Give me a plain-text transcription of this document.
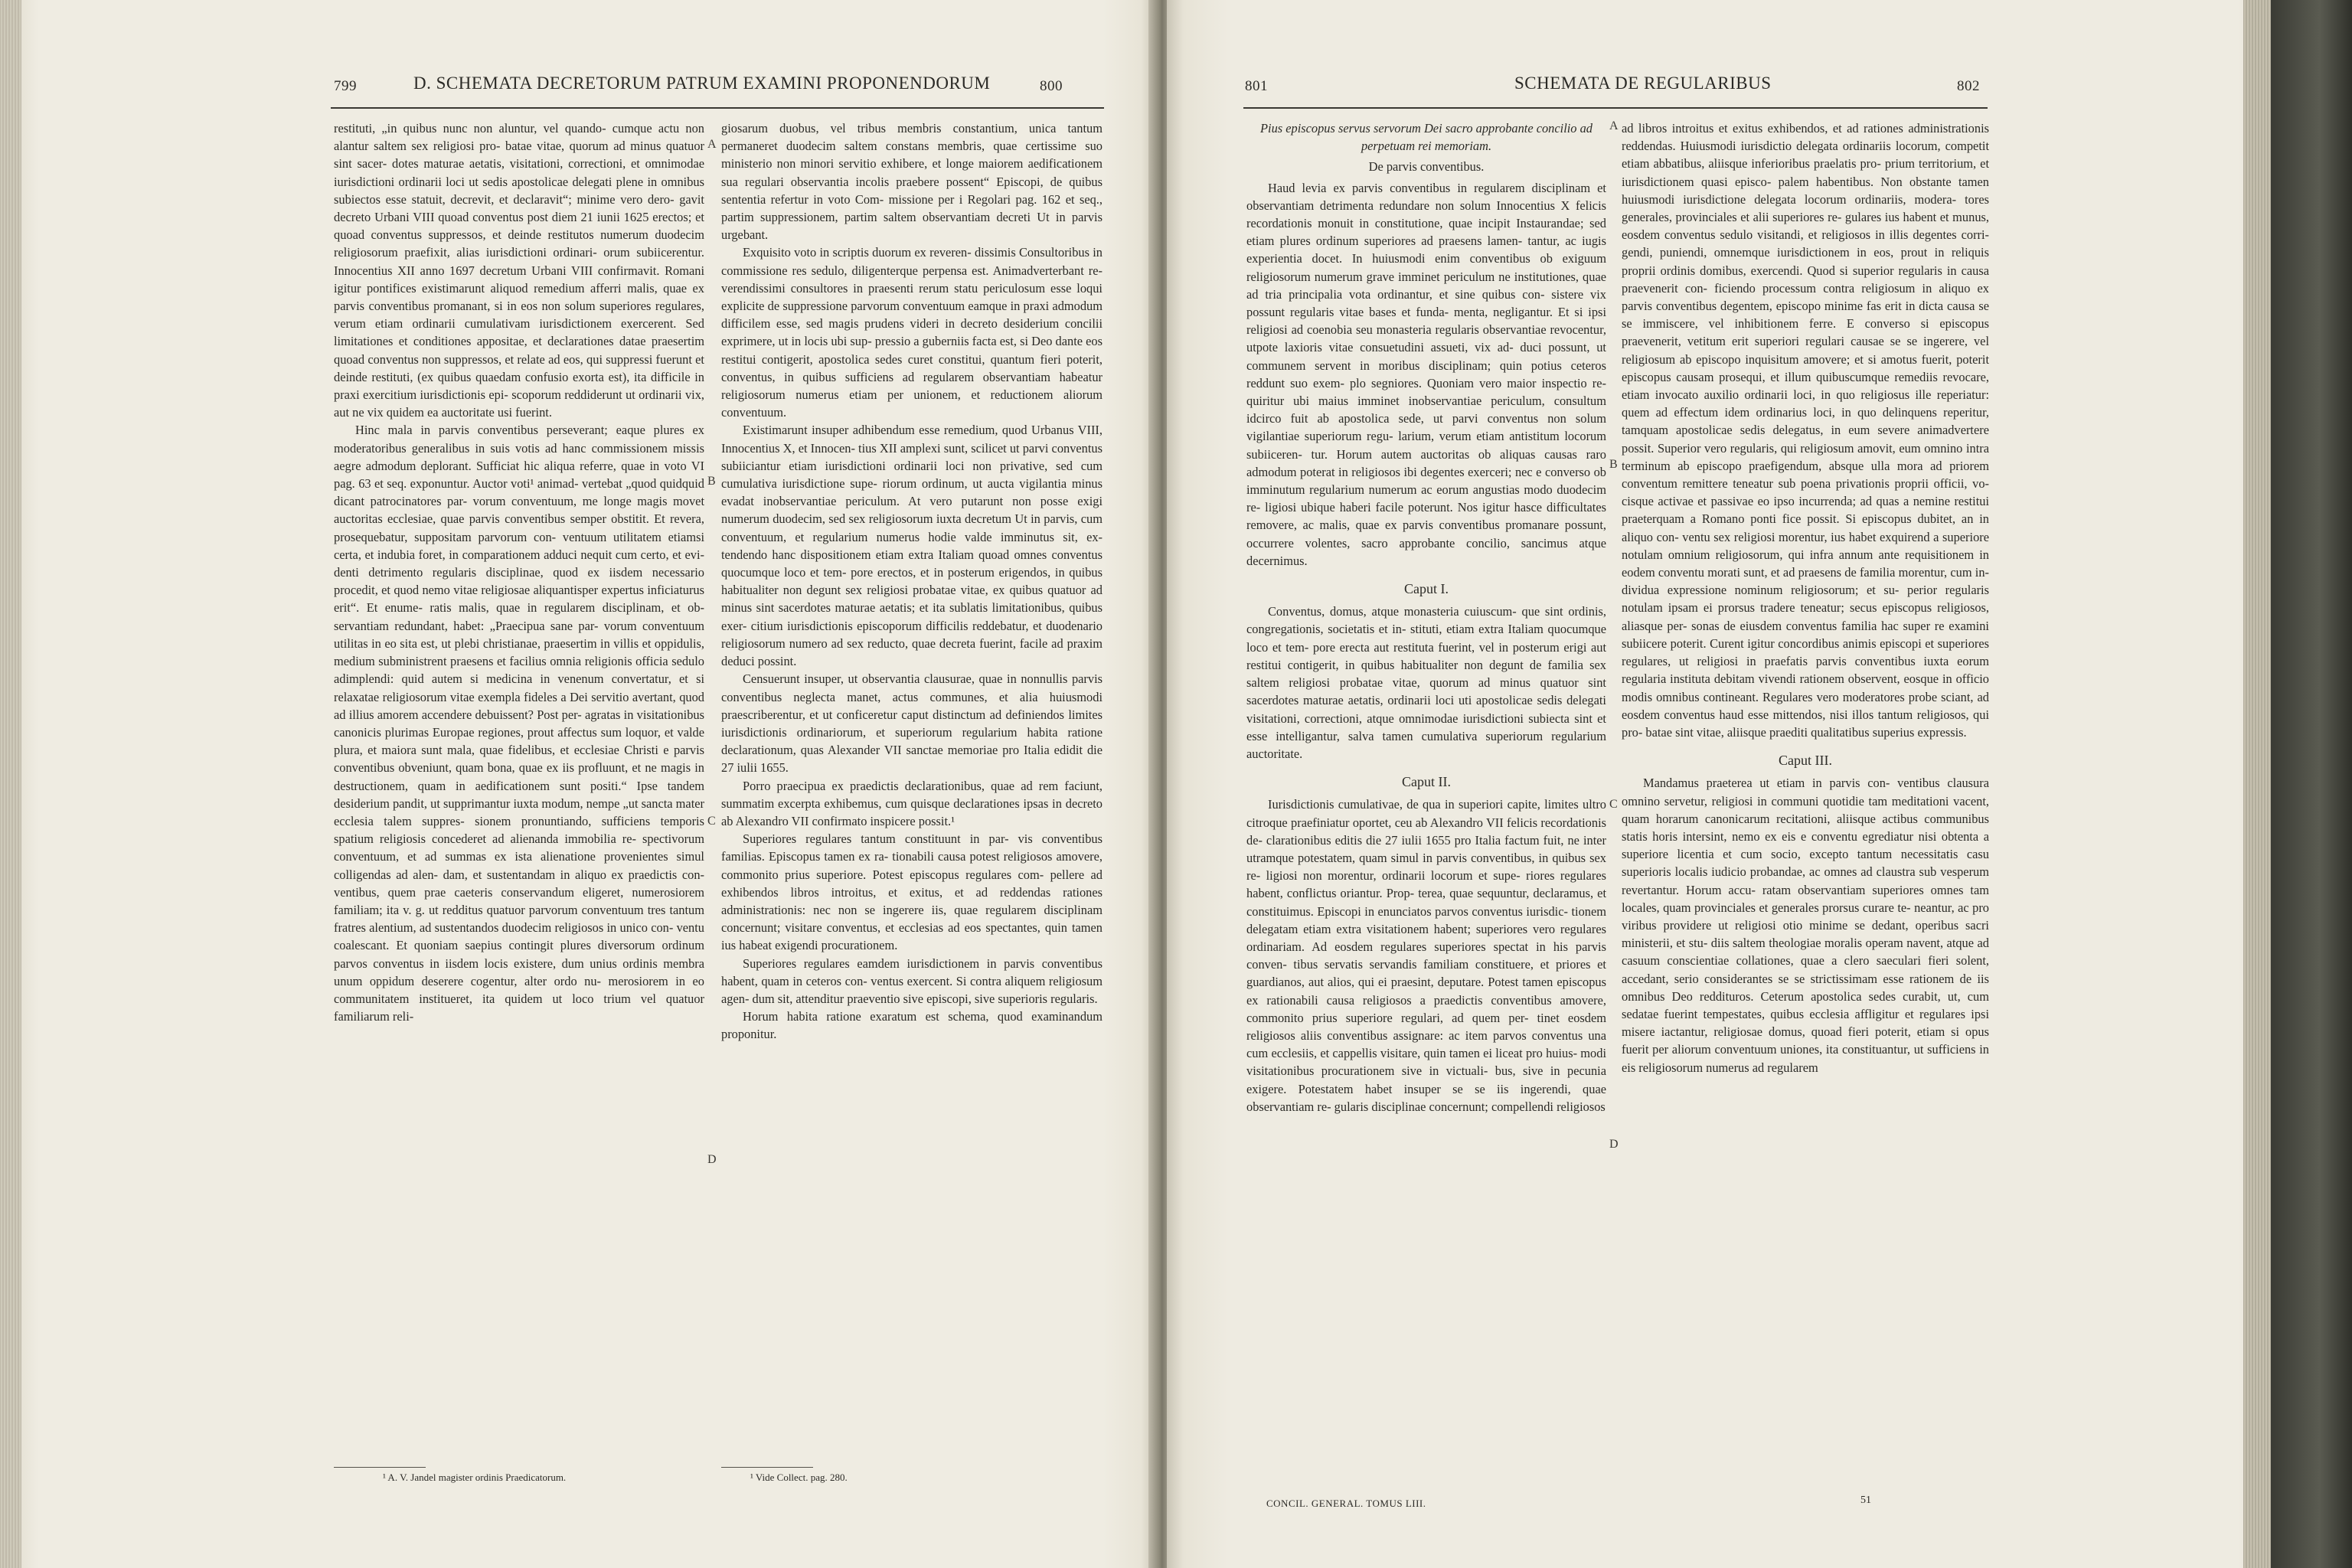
799	D. SCHEMATA DECRETORUM PATRUM EXAMINI PROPONENDORUM	800

restituti, „in quibus nunc non aluntur, vel quando- cumque actu non alantur saltem sex religiosi pro- batae vitae, quorum ad minus quatuor sint sacer- dotes maturae aetatis, visitationi, correctioni, et omnimodae iurisdictioni ordinarii loci ut sedis apostolicae delegati plene in omnibus subiectos esse statuit, decrevit, et declaravit“; minime vero dero- gavit decreto Urbani VIII quoad conventus post diem 21 iunii 1625 erectos; et quoad conventus suppressos, et deinde restitutos numerum duodecim religiosorum praefixit, alias iurisdictioni ordinari- orum subiicerentur. Innocentius XII anno 1697 decretum Urbani VIII confirmavit. Romani igitur pontifices existimarunt aliquod remedium afferri malis, quae ex parvis conventibus promanant, si in eos non solum superiores regulares, verum etiam ordinarii cumulativam iurisdictionem exercerent. Sed limitationes et conditiones appositae, et declarationes datae praesertim quoad conventus non suppressos, et relate ad eos, qui suppressi fuerunt et deinde restituti, (ex quibus quaedam confusio exorta est), ita difficile in praxi exercitium iurisdictionis epi- scoporum reddiderunt ut ordinarii vix, aut ne vix quidem ea auctoritate usi fuerint.

Hinc mala in parvis conventibus perseverant; eaque plures ex moderatoribus generalibus in suis votis ad hanc commissionem missis aegre admodum deplorant. Sufficiat hic aliqua referre, quae in voto VI pag. 63 et seq. exponuntur. Auctor voti¹ animad- vertebat „quod quidquid dicant patrocinatores par- vorum conventuum, me longe magis movet auctoritas ecclesiae, quae parvis conventibus semper obstitit. Et revera, prosequebatur, suppositam parvorum con- ventuum utilitatem etiamsi certa, et indubia foret, in comparationem adduci nequit cum certo, et evi- denti detrimento regularis disciplinae, quod ex iisdem necessario procedit, et quod nemo vitae religiosae aliquantisper expertus inficiaturus erit“. Et enume- ratis malis, quae in regularem disciplinam, et ob- servantiam redundant, habet: „Praecipua sane par- vorum conventuum utilitas in eo sita est, ut plebi christianae, praesertim in villis et oppidulis, medium subministrent praesens et facilius omnia religionis officia sedulo adimplendi: quid autem si medicina in venenum convertatur, et si relaxatae religiosorum vitae exempla fideles a Dei servitio avertant, quod ad illius amorem accendere debuissent? Post per- agratas in visitationibus canonicis plurimas Europae regiones, prout affectus sum loquor, et valde plura, et maiora sunt mala, quae fidelibus, et ecclesiae Christi e parvis conventibus obveniunt, quam bona, quae ex iis profluunt, et ne magis in destructionem, quam in aedificationem sunt positi.“ Ipse tandem desiderium pandit, ut supprimantur iuxta modum, nempe „ut sancta mater ecclesia talem suppres- sionem pronuntiando, sufficiens temporis spatium religiosis concederet ad alienanda immobilia re- spectivorum conventuum, et ad summas ex ista alienatione provenientes simul colligendas ad alen- dam, et sustentandam in aliquo ex praedictis con- ventibus, quem prae caeteris conservandum eligeret, numerosiorem familiam; ita v. g. ut redditus quatuor parvorum conventuum tres tantum fratres alentium, ad sustentandos duodecim religiosos in unico con- ventu coalescant. Et quoniam saepius contingit plures diversorum ordinum parvos conventus in iisdem locis existere, dum unius ordinis membra unum oppidum deserere cogentur, alter ordo nu- merosiorem in eo communitatem institueret, ita quidem ut loco trium vel quatuor familiarum reli-

giosarum duobus, vel tribus membris constantium, unica tantum permaneret duodecim saltem constans membris, quae certissime suo ministerio non minori servitio exhibere, et longe maiorem aedificationem sua regulari observantia incolis praebere possent“ Episcopi, de quibus sententia refertur in voto Com- missione per i Regolari pag. 162 et seq., partim suppressionem, partim saltem observantiam decreti Ut in parvis urgebant.

Exquisito voto in scriptis duorum ex reveren- dissimis Consultoribus in commissione res sedulo, diligenterque perpensa est. Animadverterbant re- verendissimi consultores in praesenti rerum statu periculosum esse loqui explicite de suppressione parvorum conventuum eamque in praxi admodum difficilem esse, sed magis prudens videri in decreto desiderium concilii exprimere, ut in locis ubi sup- pressio a guberniis facta est, si Deo dante eos restitui contigerit, apostolica sedes curet constitui, quantum fieri poterit, conventus, in quibus sufficiens ad regularem observantiam habeatur religiosorum numerus etiam per unionem, et reductionem aliorum conventuum.

Existimarunt insuper adhibendum esse remedium, quod Urbanus VIII, Innocentius X, et Innocen- tius XII amplexi sunt, scilicet ut parvi conventus subiiciantur etiam iurisdictioni ordinarii loci non privative, sed cum cumulativa iurisdictione supe- riorum ordinum, ut aucta vigilantia minus evadat inobservantiae periculum. At vero putarunt non posse exigi numerum duodecim, sed sex religiosorum iuxta decretum Ut in parvis, cum conventuum, et regularium numerus hodie valde imminutus sit, ex- tendendo hanc dispositionem etiam extra Italiam quoad omnes conventus quocumque loco et tem- pore erectos, et in posterum erigendos, in quibus habitualiter non degunt sex religiosi probatae vitae, ex quibus quatuor ad minus sint sacerdotes maturae aetatis; et ita sublatis limitationibus, quibus exer- citium iurisdictionis episcoporum difficilis reddebatur, et duodenario religiosorum numero ad sex reducto, quae decreta fuerint, facile ad praxim deduci possint.

Censuerunt insuper, ut observantia clausurae, quae in nonnullis parvis conventibus neglecta manet, actus communes, et alia huiusmodi praescriberentur, et ut conficeretur caput distinctum ad definiendos limites iurisdictionis ordinariorum, et superiorum regularium habita ratione declarationum, quas Alexander VII sanctae memoriae pro Italia edidit die 27 iulii 1655.

Porro praecipua ex praedictis declarationibus, quae ad rem faciunt, summatim excerpta exhibemus, cum quisque declarationes ipsas in decreto ab Alexandro VII confirmato inspicere possit.¹

Superiores regulares tantum constituunt in par- vis conventibus familias. Episcopus tamen ex ra- tionabili causa potest religiosos amovere, commonito prius superiore. Potest episcopus regulares com- pellere ad exhibendos libros introitus, et exitus, et ad reddendas rationes administrationis: nec non se ingerere iis, quae regularem disciplinam concernunt; visitare conventus, et ecclesias ad eos spectantes, quin tamen ius habeat exigendi procurationem.

Superiores regulares eamdem iurisdictionem in parvis conventibus habent, quam in ceteros con- ventus exercent. Si contra aliquem religiosum agen- dum sit, attenditur praeventio sive episcopi, sive superioris regularis.

Horum habita ratione exaratum est schema, quod examinandum proponitur.

A
B
C
D
¹ A. V. Jandel magister ordinis Praedicatorum.	¹ Vide Collect. pag. 280.
801	SCHEMATA DE REGULARIBUS	802

Pius episcopus servus servorum Dei sacro approbante concilio ad perpetuam rei memoriam.

De parvis conventibus.

Haud levia ex parvis conventibus in regularem disciplinam et observantiam detrimenta redundare non solum Innocentius X felicis recordationis monuit in constitutione, quae incipit Instaurandae; sed etiam plures ordinum superiores ad praesens lamen- tantur, ac iugis experientia docet. In huiusmodi enim conventibus ob exiguum religiosorum numerum grave imminet periculum ne institutiones, quae ad tria principalia vota ordinantur, et sine quibus con- sistere vix possunt regularis vitae bases et funda- menta, negligantur. Et si ipsi religiosi ad coenobia seu monasteria regularis observantiae revocentur, utpote laxioris vitae consuetudini assueti, vix ad- duci possunt, ut communem servent in moribus disciplinam; quin potius ceteros reddunt suo exem- plo segniores. Quoniam vero maior inspectio re- quiritur ubi maius imminet inobservantiae periculum, consultum idcirco fuit ab apostolica sede, ut parvi conventus non solum vigilantiae superiorum regu- larium, verum etiam antistitum locorum subiiceren- tur. Horum autem auctoritas ob aliquas causas raro admodum poterat in religiosos ibi degentes exerceri; nec e converso ob imminutum regularium numerum ac eorum angustias modo duodecim re- ligiosi ubique haberi facile poterunt. Nos igitur hasce difficultates removere, ac malis, quae ex parvis conventibus promanare possunt, occurrere volentes, sacro approbante concilio, sancimus atque decernimus.

Caput I.

Conventus, domus, atque monasteria cuiuscum- que sint ordinis, congregationis, societatis et in- stituti, etiam extra Italiam quocumque loco et tem- pore erecta aut restituta fuerint, vel in posterum erigi aut restitui contigerit, in quibus habitualiter non degunt de familia sex saltem religiosi probatae vitae, quorum ad minus quatuor sint sacerdotes maturae aetatis, ordinarii loci uti apostolicae sedis delegati visitationi, correctioni, atque omnimodae iurisdictioni subiecta sint et esse intelligantur, salva tamen cumulativa superiorum regularium auctoritate.

Caput II.

Iurisdictionis cumulativae, de qua in superiori capite, limites ultro citroque praefiniatur oportet, ceu ab Alexandro VII felicis recordationis de- clarationibus editis die 27 iulii 1655 pro Italia factum fuit, ne inter utramque potestatem, quam simul in parvis conventibus, in quibus sex re- ligiosi non morentur, ordinarii locorum et supe- riores regulares habent, conflictus oriantur. Prop- terea, quae sequuntur, declaramus, et constituimus. Episcopi in enunciatos parvos conventus iurisdic- tionem delegatam etiam extra visitationem habent; superiores vero regulares ordinariam. Ad eosdem regulares superiores spectat in his parvis conven- tibus servatis servandis familiam constituere, et priores et guardianos, aut alios, qui ei praesint, deputare. Potest tamen episcopus ex rationabili causa religiosos a praedictis conventibus amovere, commonito prius superiore regulari, ad quem per- tinet eosdem religiosos aliis conventibus assignare: ac item parvos conventus una cum ecclesiis, et cappellis visitare, quin tamen ei liceat pro huius- modi visitationibus procurationem sive in victuali- bus, sive in pecunia exigere. Potestatem habet insuper se se iis ingerendi, quae observantiam re- gularis disciplinae concernunt; compellendi religiosos

ad libros introitus et exitus exhibendos, et ad rationes administrationis reddendas. Huiusmodi iurisdictio delegata ordinariis locorum, competit etiam abbatibus, aliisque inferioribus praelatis pro- prium territorium, et iurisdictionem quasi episco- palem habentibus. Non obstante tamen huiusmodi iurisdictione delegata locorum ordinariis, modera- tores generales, provinciales et alii superiores re- gulares ius habent et munus, eosdem conventus sedulo visitandi, et religiosos in illis degentes corri- gendi, puniendi, omnemque iurisdictionem in eos, prout in reliquis proprii ordinis domibus, exercendi. Quod si superior regularis in causa praevenerit con- ficiendo processum contra religiosum in aliquo ex parvis conventibus degentem, episcopo minime fas erit in dicta causa se se immiscere, vel inhibitionem ferre. E converso si episcopus praevenerit, vetitum erit superiori regulari causae se se ingerere, vel religiosum ab episcopo inquisitum amovere; et si amotus fuerit, poterit episcopus causam prosequi, et illum quibuscumque remediis revocare, etiam invocato auxilio ordinarii loci, in quo religiosus ille reperiatur: quem ad effectum idem ordinarius loci, in quo delinquens reperitur, tamquam apostolicae sedis delegatus, in eum severe animadvertere possit. Superior vero regularis, qui religiosum amovit, eum omnino intra terminum ab episcopo praefigendum, absque ulla mora ad priorem conventum remittere teneatur sub poena privationis proprii officii, vo- cisque activae et passivae eo ipso incurrenda; ad quas a nemine restitui praeterquam a Romano ponti fice possit. Si episcopus dubitet, an in aliquo con- ventu sex religiosi morentur, ius habet exquirend a superiore notulam omnium religiosorum, qui infra annum ante requisitionem in eodem conventu morati sunt, et ad praesens de familia morentur, cum in- dividua expressione nominum religiosorum; et su- perior regularis notulam ipsam ei prorsus tradere teneatur; secus episcopus religiosos, aliasque per- sonas de eiusdem conventus familia hac super re examini subiicere poterit. Curent igitur concordibus animis episcopi et superiores regulares, ut religiosi in praefatis parvis conventibus iuxta eorum regularia instituta debitam vivendi rationem observent, eosque in officio modis omnibus contineant. Regulares vero moderatores probe sciant, ad eosdem conventus haud esse mittendos, nisi illos tantum religiosos, qui pro- batae sint vitae, aliisque praediti qualitatibus superius expressis.

Caput III.

Mandamus praeterea ut etiam in parvis con- ventibus clausura omnino servetur, religiosi in communi quotidie tam meditationi vacent, quam horarum canonicarum recitationi, aliisque actibus communibus statis horis intersint, nemo ex eis e conventu egrediatur nisi obtenta a superiore licentia et cum socio, excepto tantum necessitatis casu superioris localis iudicio probandae, ac omnes ad claustra sub vesperum revertantur. Horum accu- ratam observantiam superiores omnes tam locales, quam provinciales et generales prorsus curare te- neantur, ac pro viribus providere ut religiosi otio minime se dedant, operibus sacri ministerii, et stu- diis saltem theologiae moralis operam navent, atque ad casuum conscientiae collationes, quae a clero saeculari fieri solent, accedant, serio considerantes se se strictissimam esse rationem de iis omnibus Deo reddituros. Ceterum apostolica sedes curabit, ut, cum sedatae fuerint tempestates, quibus ecclesia affligitur et regulares ipsi misere iactantur, religiosae domus, quoad fieri poterit, etiam si opus fuerit per aliorum conventuum uniones, ita constituantur, ut sufficiens in eis religiosorum numerus ad regularem

A
B
C
D
CONCIL. GENERAL. TOMUS LIII.	51
